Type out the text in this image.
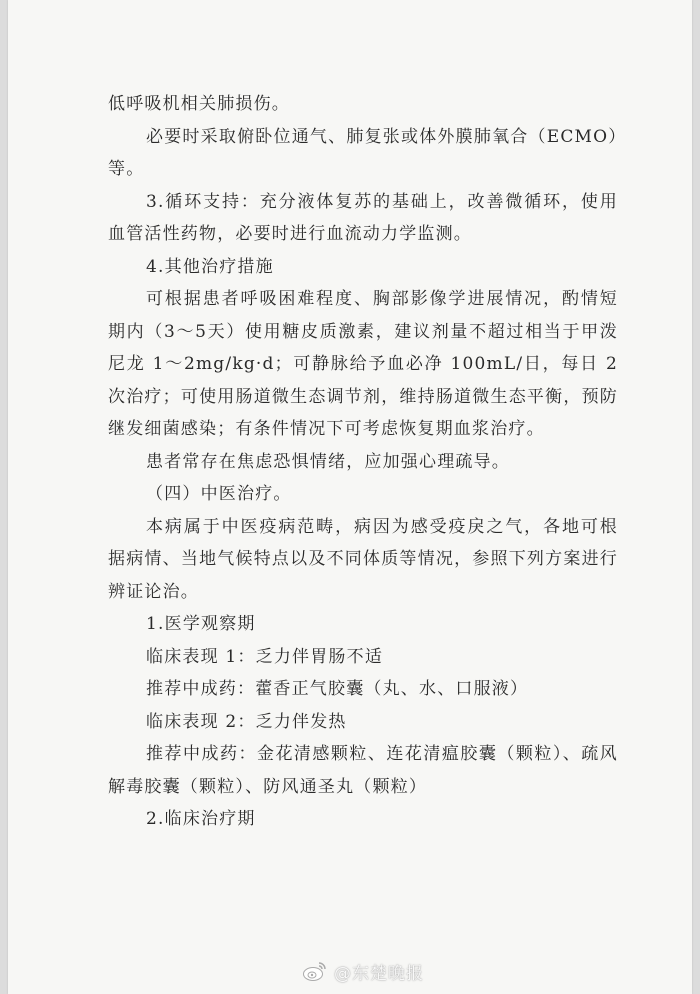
低呼吸机相关肺损伤。

必要时采取俯卧位通气、肺复张或体外膜肺氧合（ECMO）等。

3.循环支持：充分液体复苏的基础上，改善微循环，使用血管活性药物，必要时进行血流动力学监测。

4.其他治疗措施

可根据患者呼吸困难程度、胸部影像学进展情况，酌情短期内（3～5天）使用糖皮质激素，建议剂量不超过相当于甲泼尼龙 1～2mg/kg·d；可静脉给予血必净 100mL/日，每日 2 次治疗；可使用肠道微生态调节剂，维持肠道微生态平衡，预防继发细菌感染；有条件情况下可考虑恢复期血浆治疗。

患者常存在焦虑恐惧情绪，应加强心理疏导。

（四）中医治疗。

本病属于中医疫病范畴，病因为感受疫戾之气，各地可根据病情、当地气候特点以及不同体质等情况，参照下列方案进行辨证论治。

1.医学观察期

临床表现 1：乏力伴胃肠不适

推荐中成药：藿香正气胶囊（丸、水、口服液）

临床表现 2：乏力伴发热

推荐中成药：金花清感颗粒、连花清瘟胶囊（颗粒）、疏风解毒胶囊（颗粒）、防风通圣丸（颗粒）

2.临床治疗期

@东楚晚报
